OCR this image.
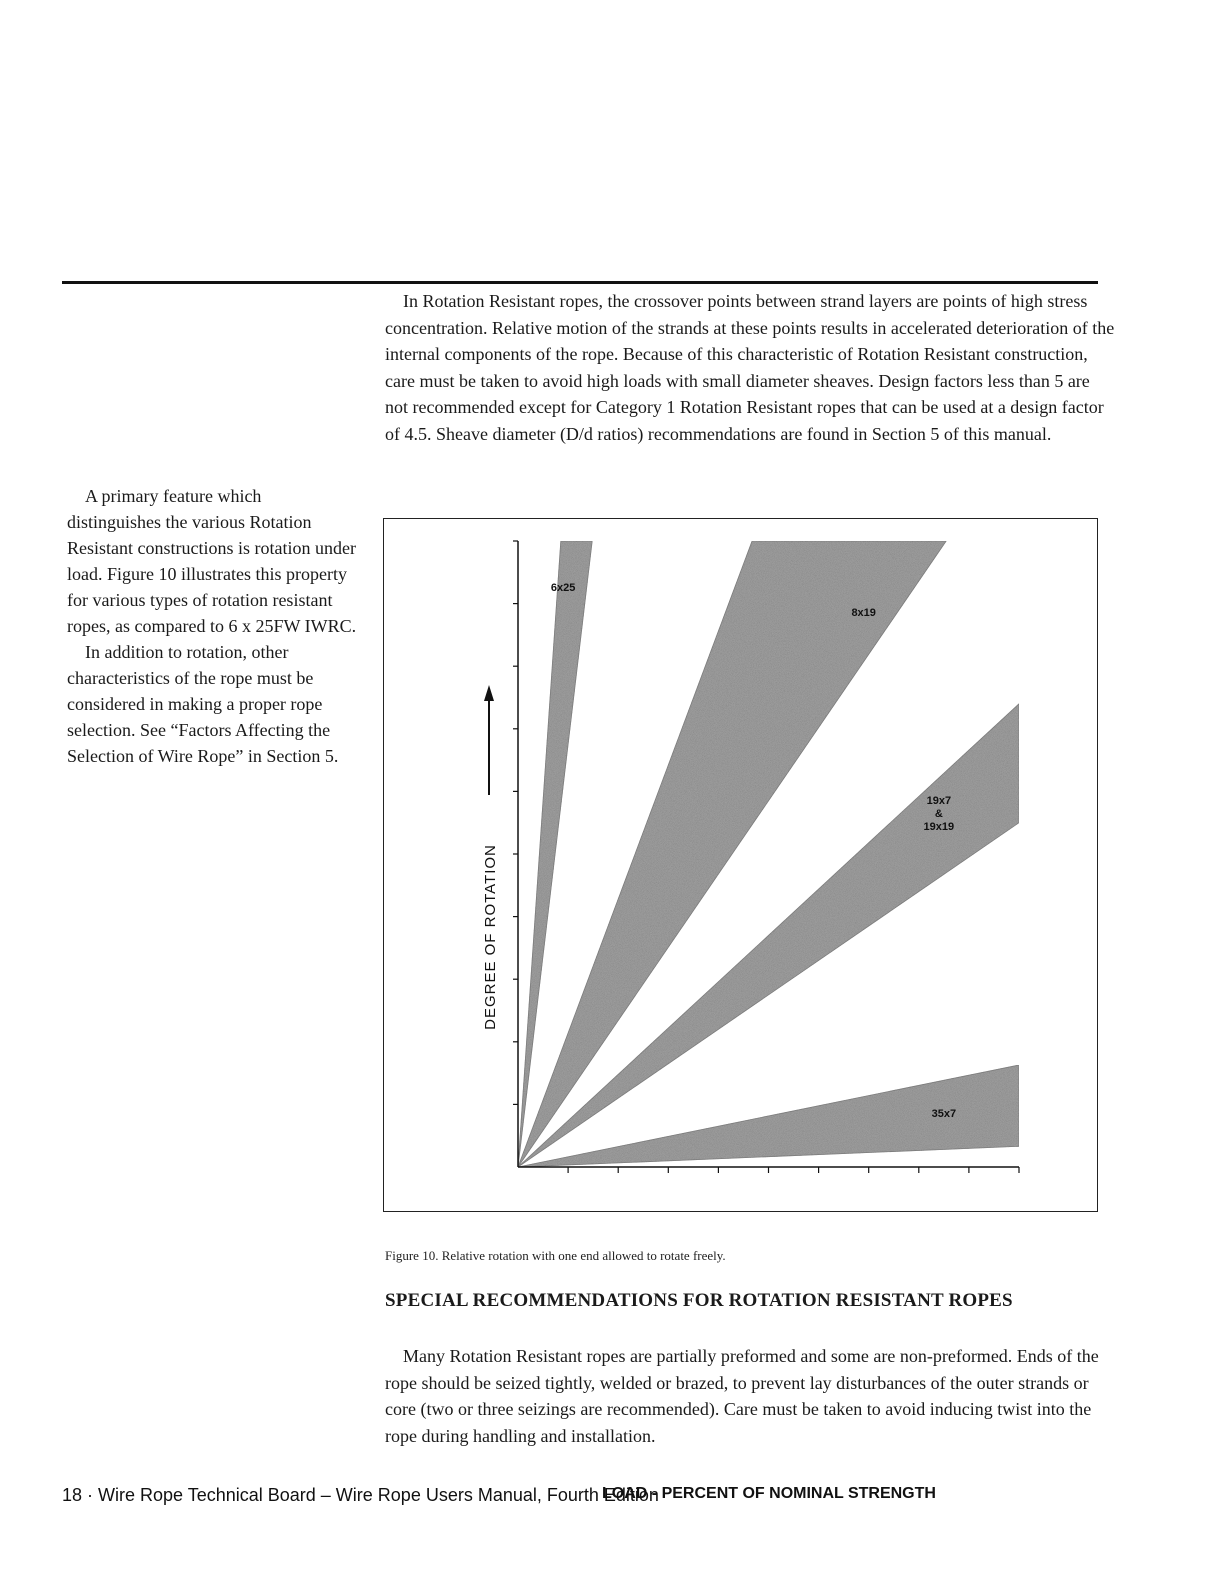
In Rotation Resistant ropes, the crossover points between strand layers are points of high stress concentration. Relative motion of the strands at these points results in accelerated deterioration of the internal components of the rope. Because of this characteristic of Rotation Resistant construction, care must be taken to avoid high loads with small diameter sheaves. Design factors less than 5 are not recommended except for Category 1 Rotation Resistant ropes that can be used at a design factor of 4.5. Sheave diameter (D/d ratios) recommendations are found in Section 5 of this manual.

A primary feature which distinguishes the various Rotation Resistant constructions is rotation under load. Figure 10 illustrates this property for various types of rotation resistant ropes, as compared to 6 x 25FW IWRC.

In addition to rotation, other characteristics of the rope must be considered in making a proper rope selection. See “Factors Affecting the Selection of Wire Rope” in Section 5.

6x25
8x19
19x7 & 19x19
35x7
LOAD - PERCENT OF NOMINAL STRENGTH
DEGREE OF ROTATION
Figure 10. Relative rotation with one end allowed to rotate freely.
SPECIAL RECOMMENDATIONS FOR ROTATION RESISTANT ROPES

Many Rotation Resistant ropes are partially preformed and some are non-preformed. Ends of the rope should be seized tightly, welded or brazed, to prevent lay disturbances of the outer strands or core (two or three seizings are recommended). Care must be taken to avoid inducing twist into the rope during handling and installation.

18 · Wire Rope Technical Board – Wire Rope Users Manual, Fourth Edition
